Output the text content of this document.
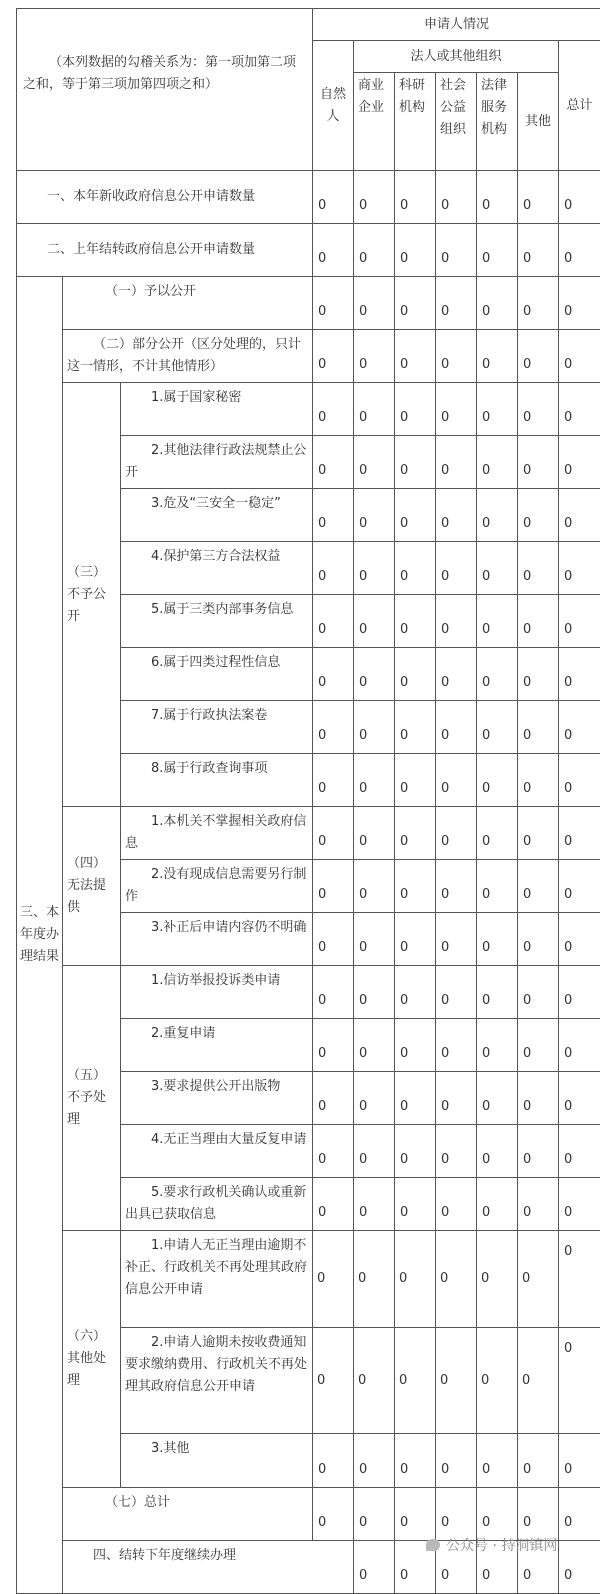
（本列数据的勾稽关系为：第一项加第二项之和，等于第三项加第四项之和）			申请人情况							
			自然人	法人或其他组织					总计	
				商业企业	科研机构	社会公益组织	法律服务机构	其他		
一、本年新收政府信息公开申请数量			0	0	0	0	0	0	0	
二、上年结转政府信息公开申请数量			0	0	0	0	0	0	0	
三、本年度办理结果	（一）予以公开		0	0	0	0	0	0	0	
	（二）部分公开（区分处理的，只计这一情形，不计其他情形）		0	0	0	0	0	0	0	
	（三）不予公开	1.属于国家秘密	0	0	0	0	0	0	0	
		2.其他法律行政法规禁止公开	0	0	0	0	0	0	0	
		3.危及“三安全一稳定”	0	0	0	0	0	0	0	
		4.保护第三方合法权益	0	0	0	0	0	0	0	
		5.属于三类内部事务信息	0	0	0	0	0	0	0	
		6.属于四类过程性信息	0	0	0	0	0	0	0	
		7.属于行政执法案卷	0	0	0	0	0	0	0	
		8.属于行政查询事项	0	0	0	0	0	0	0	
	（四）无法提供	1.本机关不掌握相关政府信息	0	0	0	0	0	0	0	
		2.没有现成信息需要另行制作	0	0	0	0	0	0	0	
		3.补正后申请内容仍不明确	0	0	0	0	0	0	0	
	（五）不予处理	1.信访举报投诉类申请	0	0	0	0	0	0	0	
		2.重复申请	0	0	0	0	0	0	0	
		3.要求提供公开出版物	0	0	0	0	0	0	0	
		4.无正当理由大量反复申请	0	0	0	0	0	0	0	
		5.要求行政机关确认或重新出具已获取信息	0	0	0	0	0	0	0	
	（六）其他处理	1.申请人无正当理由逾期不补正、行政机关不再处理其政府信息公开申请	0	0	0	0	0	0	0	
		2.申请人逾期未按收费通知要求缴纳费用、行政机关不再处理其政府信息公开申请	0	0	0	0	0	0	0	
		3.其他	0	0	0	0	0	0	0	
	（七）总计		0	0	0	0	0	0	0	
	四、结转下年度继续办理			0	0	0	0	0	0	
公众号 · 持洞镇网
